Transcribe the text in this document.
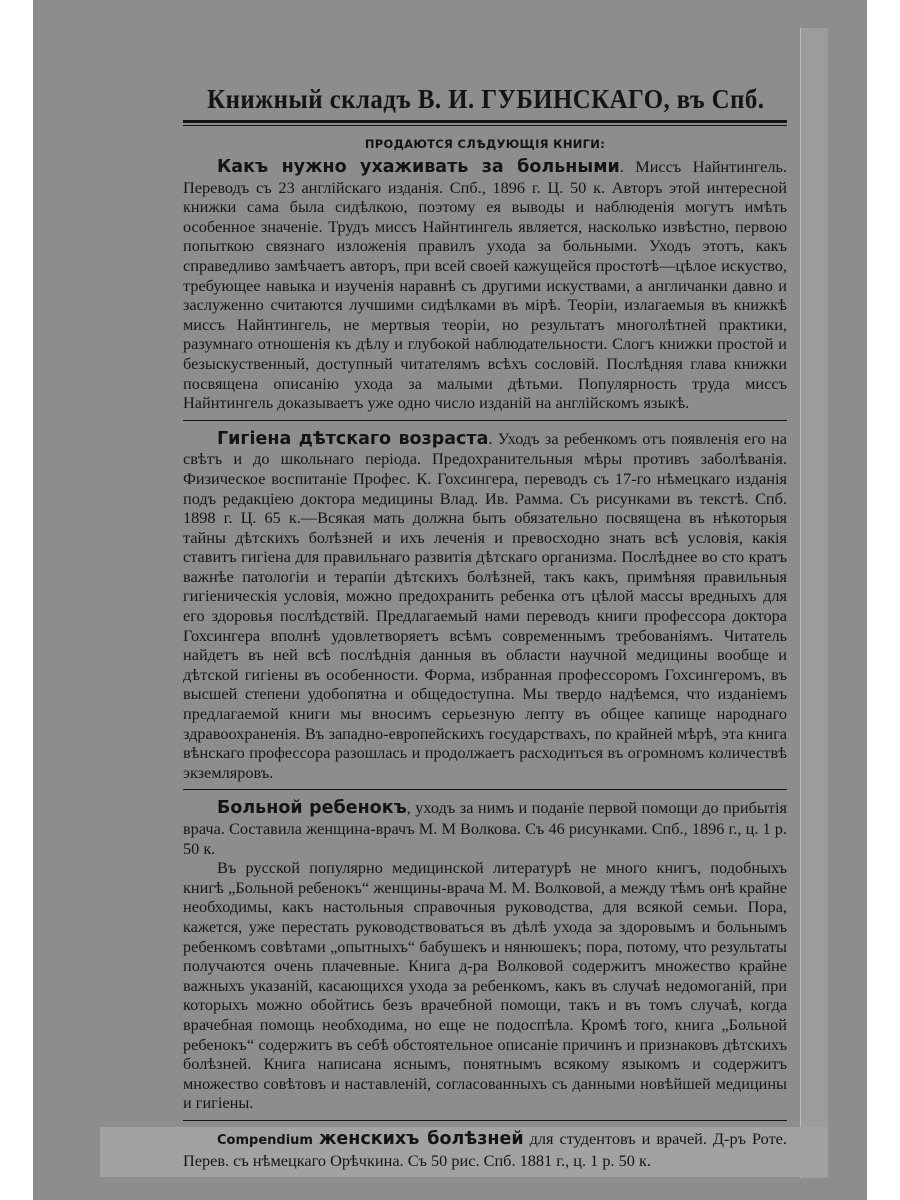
Книжный складъ В. И. ГУБИНСКАГО, въ Спб.
ПРОДАЮТСЯ СЛѢДУЮЩІЯ КНИГИ:

Какъ нужно ухаживать за больными. Миссъ Найнтингель. Переводъ съ 23 англійскаго изданія. Спб., 1896 г. Ц. 50 к. Авторъ этой интересной книжки сама была сидѣлкою, поэтому ея выводы и наблюденія могутъ имѣть особенное значеніе. Трудъ миссъ Найнтингель является, насколько извѣстно, первою попыткою связнаго изложенія правилъ ухода за больными. Уходъ этотъ, какъ справедливо замѣчаетъ авторъ, при всей своей кажущейся простотѣ—цѣлое искуство, требующее навыка и изученія наравнѣ съ другими искуствами, а англичанки давно и заслуженно считаются лучшими сидѣлками въ мірѣ. Теоріи, излагаемыя въ книжкѣ миссъ Найнтингель, не мертвыя теоріи, но результатъ многолѣтней практики, разумнаго отношенія къ дѣлу и глубокой наблюдательности. Слогъ книжки простой и безыскуственный, доступный читателямъ всѣхъ сословій. Послѣдняя глава книжки посвящена описанію ухода за малыми дѣтьми. Популярность труда миссъ Найнтингель доказываетъ уже одно число изданій на англійскомъ языкѣ.

Гигіена дѣтскаго возраста. Уходъ за ребенкомъ отъ появленія его на свѣтъ и до школьнаго періода. Предохранительныя мѣры противъ заболѣванія. Физическое воспитаніе Профес. К. Гохсингера, переводъ съ 17-го нѣмецкаго изданія подъ редакціею доктора медицины Влад. Ив. Рамма. Съ рисунками въ текстѣ. Спб. 1898 г. Ц. 65 к.—Всякая мать должна быть обязательно посвящена въ нѣкоторыя тайны дѣтскихъ болѣзней и ихъ леченія и превосходно знать всѣ условія, какія ставитъ гигіена для правильнаго развитія дѣтскаго организма. Послѣднее во сто кратъ важнѣе патологіи и терапіи дѣтскихъ болѣзней, такъ какъ, примѣняя правильныя гигіеническія условія, можно предохранить ребенка отъ цѣлой массы вредныхъ для его здоровья послѣдствій. Предлагаемый нами переводъ книги профессора доктора Гохсингера вполнѣ удовлетворяетъ всѣмъ современнымъ требованіямъ. Читатель найдетъ въ ней всѣ послѣднія данныя въ области научной медицины вообще и дѣтской гигіены въ особенности. Форма, избранная профессоромъ Гохсингеромъ, въ высшей степени удобопятна и общедоступна. Мы твердо надѣемся, что изданіемъ предлагаемой книги мы вносимъ серьезную лепту въ общее капище народнаго здравоохраненія. Въ западно-европейскихъ государствахъ, по крайней мѣрѣ, эта книга вѣнскаго профессора разошлась и продолжаетъ расходиться въ огромномъ количествѣ экземляровъ.

Больной ребенокъ, уходъ за нимъ и поданіе первой помощи до прибытія врача. Составила женщина-врачъ М. М Волкова. Съ 46 рисунками. Спб., 1896 г., ц. 1 р. 50 к.

Въ русской популярно медицинской литературѣ не много книгъ, подобныхъ книгѣ „Больной ребенокъ“ женщины-врача М. М. Волковой, а между тѣмъ онѣ крайне необходимы, какъ настольныя справочныя руководства, для всякой семьи. Пора, кажется, уже перестать руководствоваться въ дѣлѣ ухода за здоровымъ и больнымъ ребенкомъ совѣтами „опытныхъ“ бабушекъ и нянюшекъ; пора, потому, что результаты получаются очень плачевные. Книга д-ра Волковой содержитъ множество крайне важныхъ указаній, касающихся ухода за ребенкомъ, какъ въ случаѣ недомоганій, при которыхъ можно обойтись безъ врачебной помощи, такъ и въ томъ случаѣ, когда врачебная помощь необходима, но еще не подоспѣла. Кромѣ того, книга „Больной ребенокъ“ содержитъ въ себѣ обстоятельное описаніе причинъ и признаковъ дѣтскихъ болѣзней. Книга написана яснымъ, понятнымъ всякому языкомъ и содержитъ множество совѣтовъ и наставленій, согласованныхъ съ данными новѣйшей медицины и гигіены.

Compendium женскихъ болѣзней для студентовъ и врачей. Д-ръ Роте. Перев. съ нѣмецкаго Орѣчкина. Съ 50 рис. Спб. 1881 г., ц. 1 р. 50 к.
